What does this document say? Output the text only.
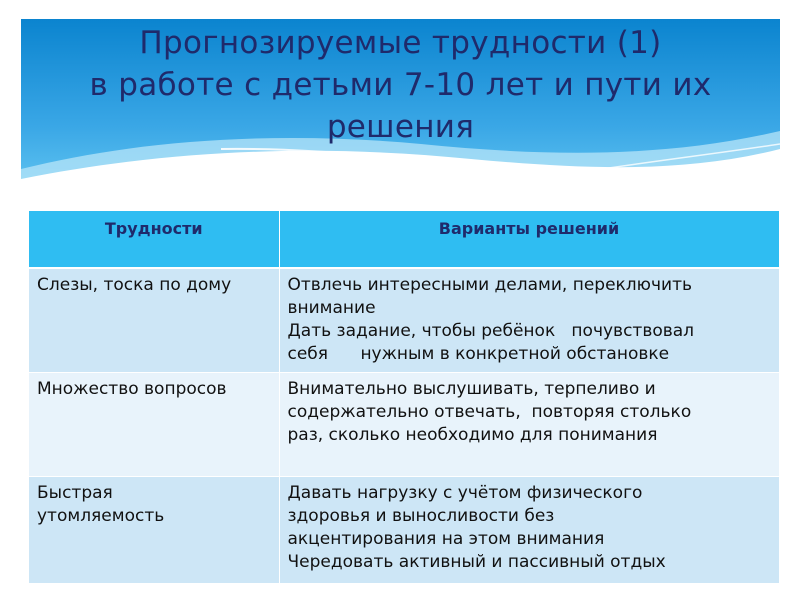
Прогнозируемые трудности (1)
в работе с детьми 7-10 лет и пути их
решения
Трудности	Варианты решений

Слезы, тоска по дому	Отвлечь интересными делами, переключить
внимание
Дать задание, чтобы ребёнок   почувствовал
себя      нужным в конкретной обстановке

Множество вопросов	Внимательно выслушивать, терпеливо и
содержательно отвечать,  повторяя столько
раз, сколько необходимо для понимания

Быстрая
утомляемость	Давать нагрузку с учётом физического
здоровья и выносливости без
акцентирования на этом внимания
Чередовать активный и пассивный отдых
